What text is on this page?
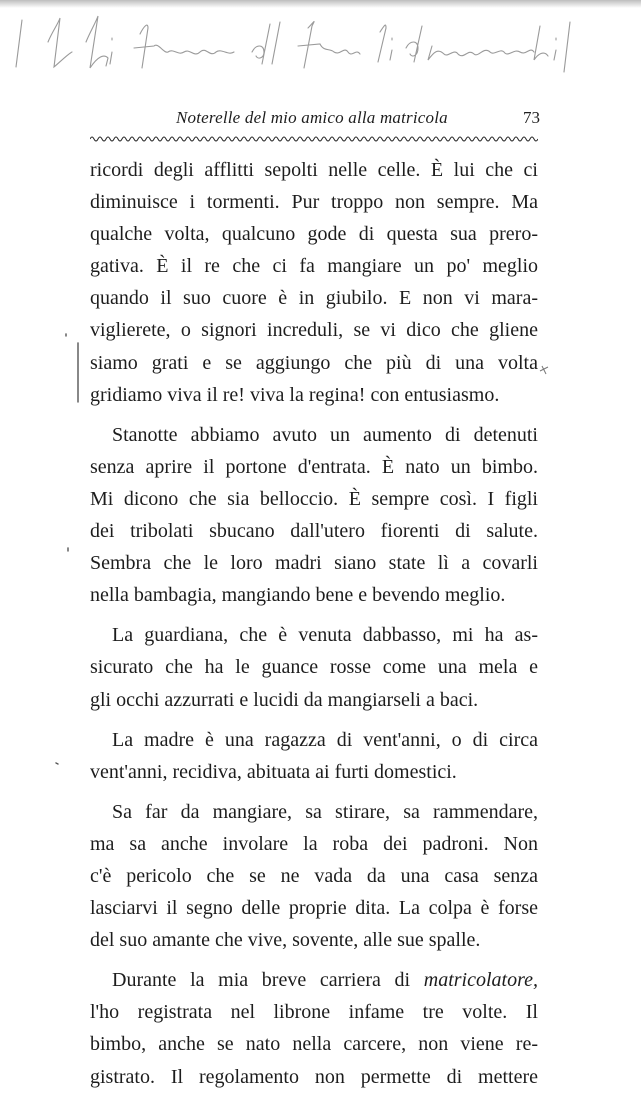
Noterelle del mio amico alla matricola	73
ricordi degli afflitti sepolti nelle celle. È lui che ci
diminuisce i tormenti. Pur troppo non sempre. Ma
qualche volta, qualcuno gode di questa sua prero-
gativa. È il re che ci fa mangiare un po' meglio
quando il suo cuore è in giubilo. E non vi mara-
viglierete, o signori increduli, se vi dico che gliene
siamo grati e se aggiungo che più di una volta
gridiamo viva il re! viva la regina! con entusiasmo.
Stanotte abbiamo avuto un aumento di detenuti
senza aprire il portone d'entrata. È nato un bimbo.
Mi dicono che sia belloccio. È sempre così. I figli
dei tribolati sbucano dall'utero fiorenti di salute.
Sembra che le loro madri siano state lì a covarli
nella bambagia, mangiando bene e bevendo meglio.
La guardiana, che è venuta dabbasso, mi ha as-
sicurato che ha le guance rosse come una mela e
gli occhi azzurrati e lucidi da mangiarseli a baci.
La madre è una ragazza di vent'anni, o di circa
vent'anni, recidiva, abituata ai furti domestici.
Sa far da mangiare, sa stirare, sa rammendare,
ma sa anche involare la roba dei padroni. Non
c'è pericolo che se ne vada da una casa senza
lasciarvi il segno delle proprie dita. La colpa è forse
del suo amante che vive, sovente, alle sue spalle.
Durante la mia breve carriera di matricolatore,
l'ho registrata nel librone infame tre volte. Il
bimbo, anche se nato nella carcere, non viene re-
gistrato. Il regolamento non permette di mettere
